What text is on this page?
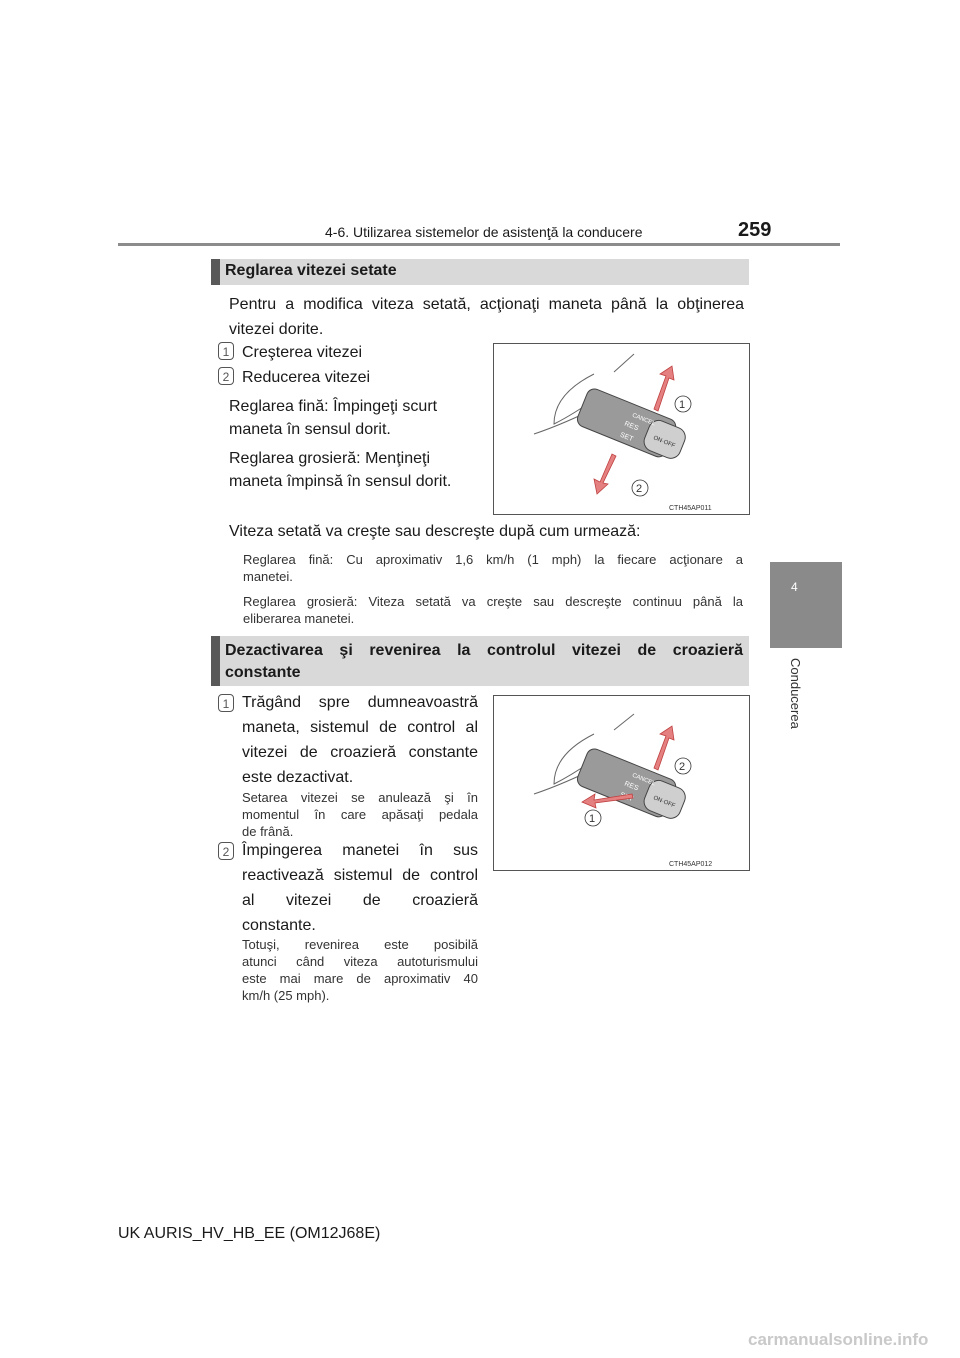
4-6. Utilizarea sistemelor de asistenţă la conducere	259
4
Conducerea
Reglarea vitezei setate
Pentru a modifica viteza setată, acţionaţi maneta până la obţinerea
vitezei dorite.
1 Creşterea vitezei
2 Reducerea vitezei
Reglarea fină: Împingeţi scurt
maneta în sensul dorit.
Reglarea grosieră: Menţineţi
maneta împinsă în sensul dorit.
CANCEL
RES
SET	ON·OFF
1
2
CTH45AP011
Viteza setată va creşte sau descreşte după cum urmează:
Reglarea fină: Cu aproximativ 1,6 km/h (1 mph) la fiecare acţionare a
manetei.
Reglarea grosieră: Viteza setată va creşte sau descreşte continuu până la
eliberarea manetei.
Dezactivarea şi revenirea la controlul vitezei de croazieră
constante
1 Trăgând spre dumneavoastră
maneta, sistemul de control al
vitezei de croazieră constante
este dezactivat.
Setarea vitezei se anulează şi în
momentul în care apăsaţi pedala
de frână.
2 Împingerea manetei în sus
reactivează sistemul de control
al vitezei de croazieră
constante.
Totuşi, revenirea este posibilă
atunci când viteza autoturismului
este mai mare de aproximativ 40
km/h (25 mph).
CANCEL
RES
ON·OFF
2
1
CTH45AP012
UK AURIS_HV_HB_EE (OM12J68E)
carmanualsonline.info
